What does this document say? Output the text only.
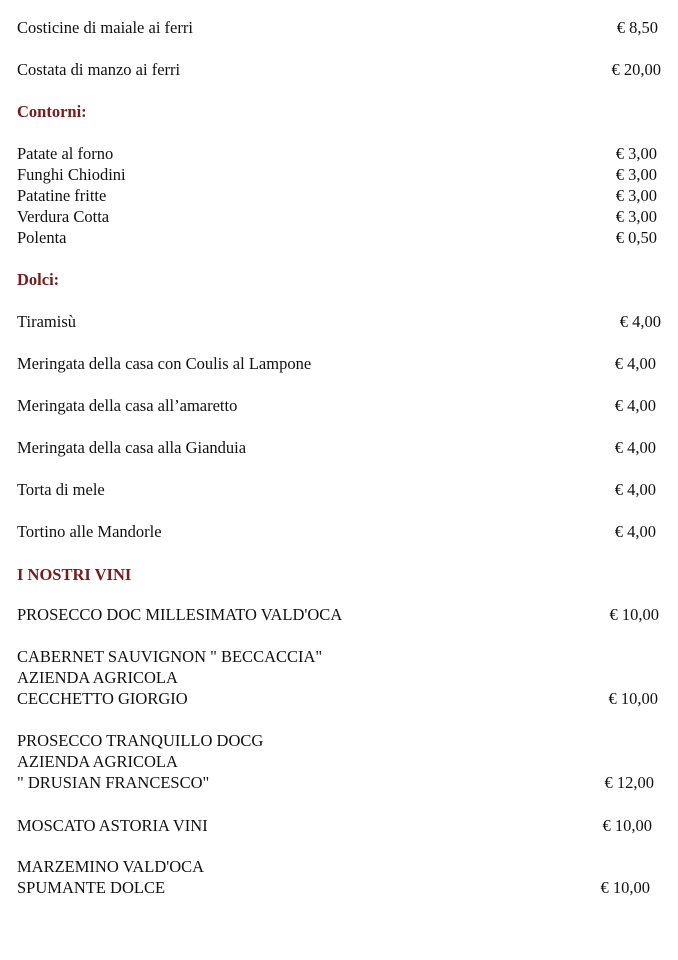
Costicine di maiale ai ferri	€ 8,50
Costata di manzo ai ferri	€ 20,00
Contorni:
Patate al forno	€ 3,00
Funghi Chiodini	€ 3,00
Patatine fritte	€ 3,00
Verdura Cotta	€ 3,00
Polenta	€ 0,50
Dolci:
Tiramisù	€ 4,00
Meringata della casa con Coulis al Lampone	€ 4,00
Meringata della casa all’amaretto	€ 4,00
Meringata della casa alla Gianduia	€ 4,00
Torta di mele	€ 4,00
Tortino alle Mandorle	€ 4,00
I NOSTRI VINI
PROSECCO DOC MILLESIMATO VALD'OCA	€ 10,00
CABERNET SAUVIGNON " BECCACCIA"
AZIENDA AGRICOLA
CECCHETTO GIORGIO	€ 10,00
PROSECCO TRANQUILLO DOCG
AZIENDA AGRICOLA
" DRUSIAN FRANCESCO"	€ 12,00
MOSCATO ASTORIA VINI	€ 10,00
MARZEMINO VALD'OCA
SPUMANTE DOLCE	€ 10,00
